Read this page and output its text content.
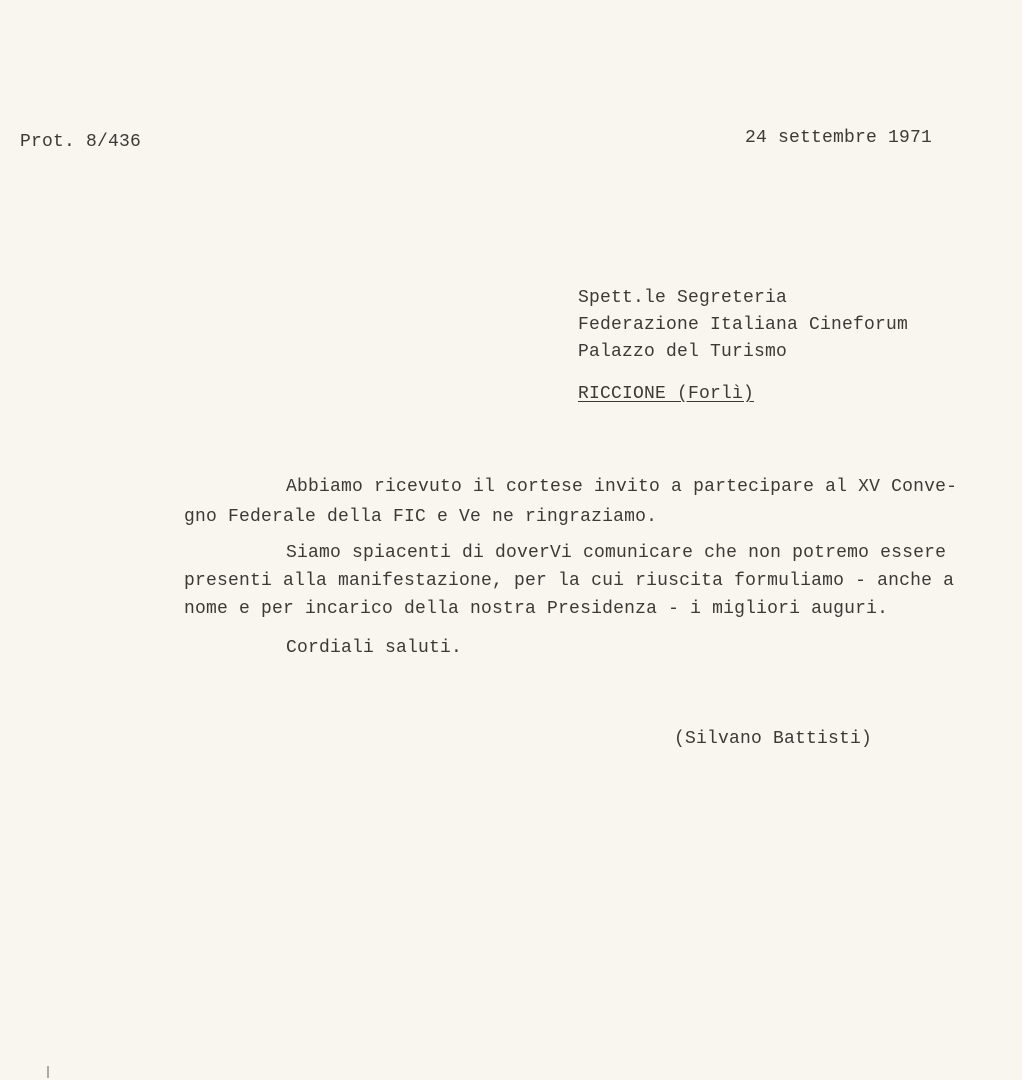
Prot. 8/436	24 settembre 1971
Spett.le Segreteria
Federazione Italiana Cineforum
Palazzo del Turismo
RICCIONE (Forlì)
Abbiamo ricevuto il cortese invito a partecipare al XV Conve-
gno Federale della FIC e Ve ne ringraziamo.
Siamo spiacenti di doverVi comunicare che non potremo essere
presenti alla manifestazione, per la cui riuscita formuliamo - anche a
nome e per incarico della nostra Presidenza - i migliori auguri.
Cordiali saluti.
(Silvano Battisti)
